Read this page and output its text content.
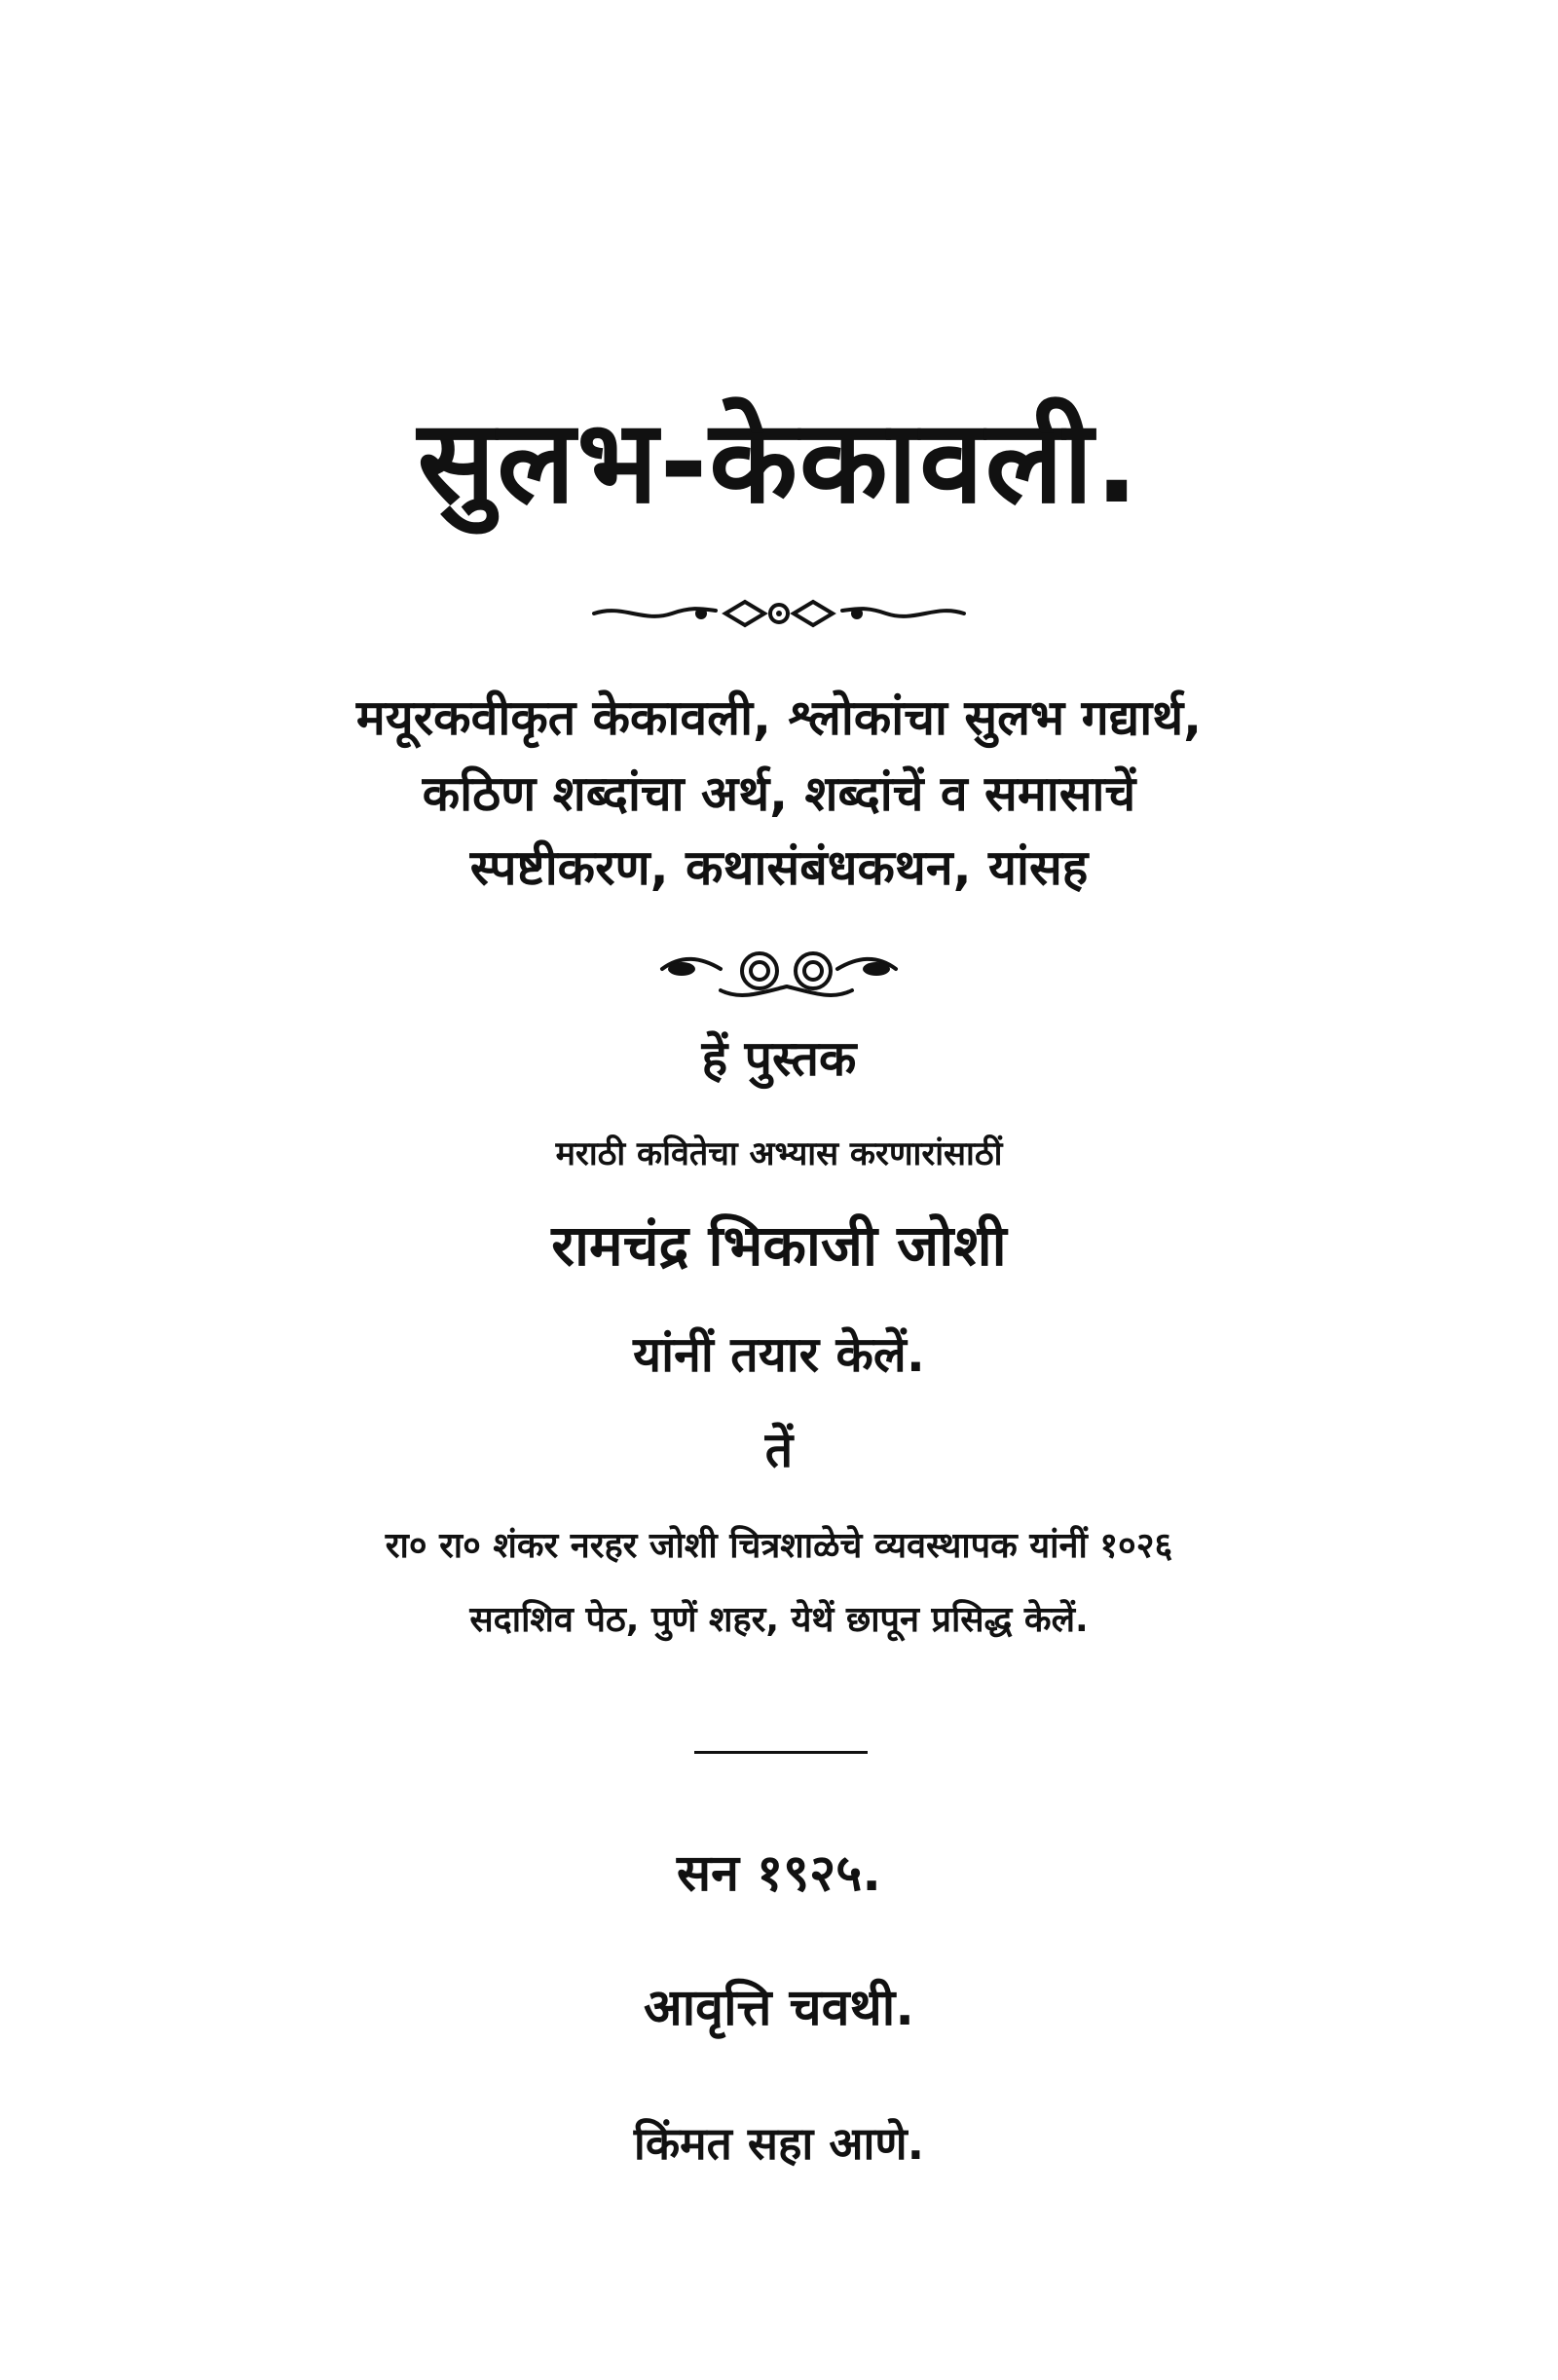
सुलभ-केकावली.
मयूरकवीकृत केकावली, श्लोकांचा सुलभ गद्यार्थ,
कठिण शब्दांचा अर्थ, शब्दांचें व समासाचें
स्पष्टीकरण, कथासंबंधकथन, यांसह
हें पुस्तक
मराठी कवितेचा अभ्यास करणारांसाठीं
रामचंद्र भिकाजी जोशी
यांनीं तयार केलें.
तें
रा० रा० शंकर नरहर जोशी चित्रशाळेचे व्यवस्थापक यांनीं १०२६
सदाशिव पेठ, पुणें शहर, येथें छापून प्रसिद्ध केलें.
सन १९२५.
आवृत्ति चवथी.
किंमत सहा आणे.
